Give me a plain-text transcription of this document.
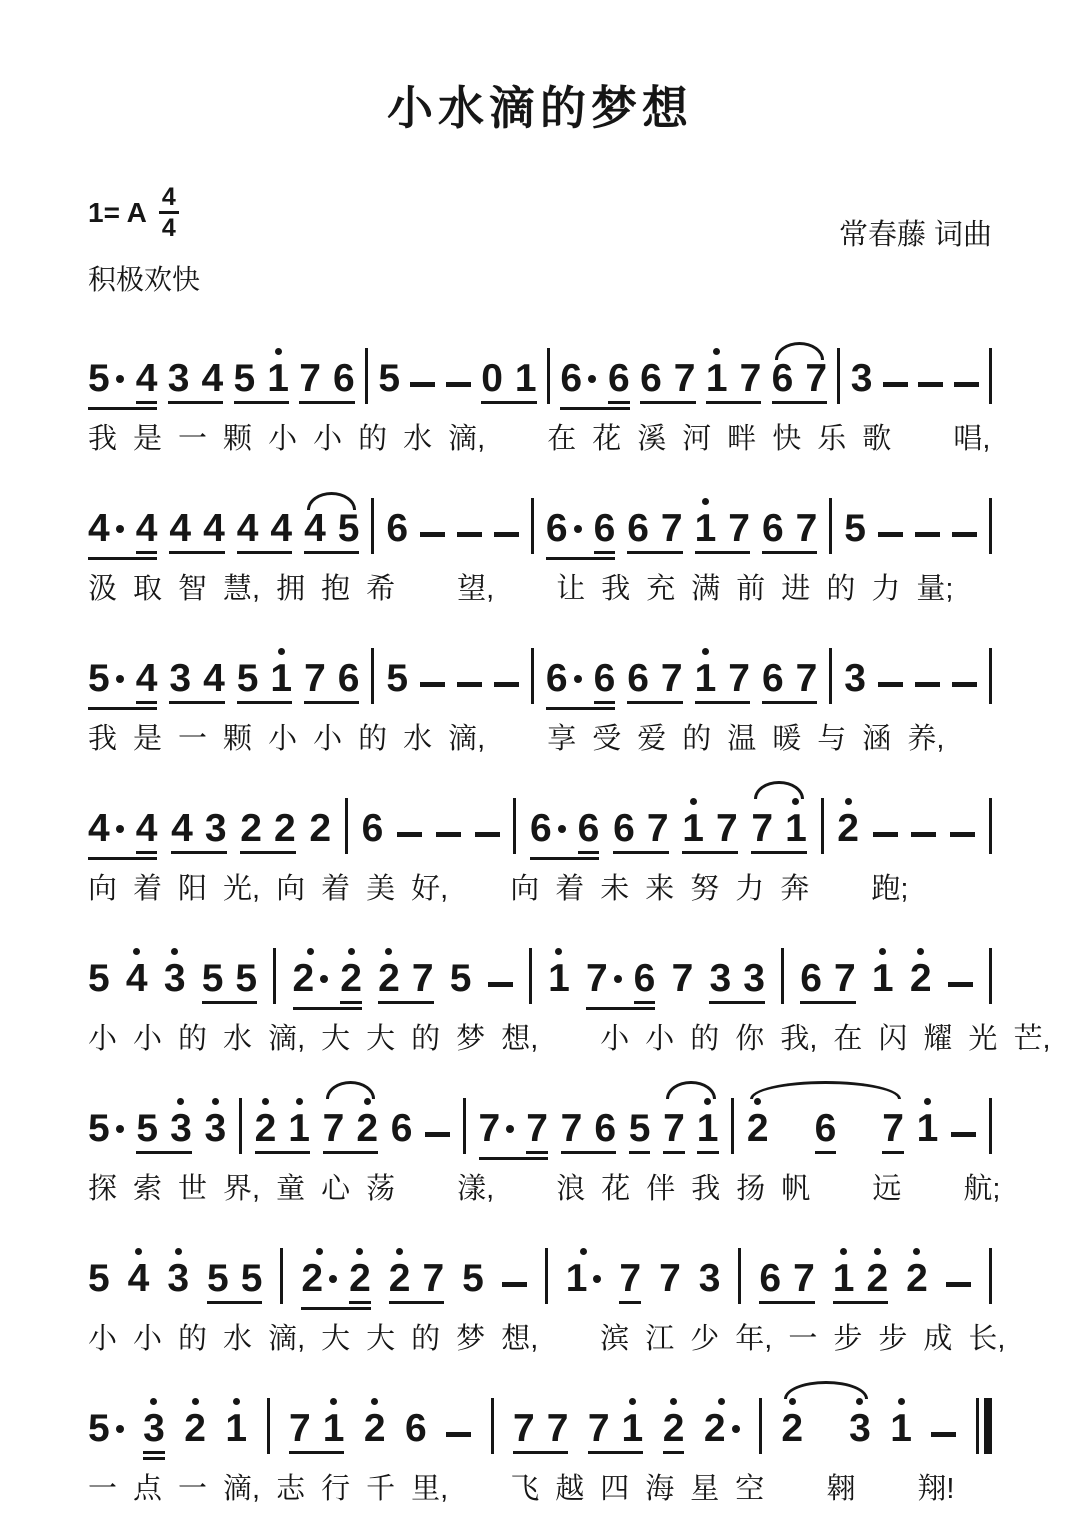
小水滴的梦想
1= A $\frac{4}{4}$
积极欢快
常春藤 词曲
5 4 3 4 5 1 7 6 5 0 1 6 6 6 7 1 7 6 7 3
我 是 一 颗 小 小 的 水 滴, 在 花 溪 河 畔 快 乐 歌 唱,
4 4 4 4 4 4 4 5 6	6 6 6 7 1 7 6 7 5
汲 取 智 慧, 拥 抱 希 望, 让 我 充 满 前 进 的 力 量;
5 4 3 4 5 1 7 6 5	6 6 6 7 1 7 6 7 3
我 是 一 颗 小 小 的 水 滴, 享 受 爱 的 温 暖 与 涵 养,
4 4 4 3 2 2 2 6	6 6 6 7 1 7 7 1 2
向 着 阳 光, 向 着 美 好, 向 着 未 来 努 力 奔 跑;
5 4 3 5 5 2 2 2 7 5 1 7 6 7 3 3 6 7 1 2
小 小 的 水 滴, 大 大 的 梦 想, 小 小 的 你 我, 在 闪 耀 光 芒,
5 5 3 3 2 1 7 2 6 7 7 7 6 5 7 1 2 6 7 1
探 索 世 界, 童 心 荡 漾, 浪 花 伴 我 扬 帆 远 航;
5 4 3 5 5 2 2 2 7 5 1 7 7 3 6 7 1 2 2
小 小 的 水 滴, 大 大 的 梦 想, 滨 江 少 年, 一 步 步 成 长,
5 3 2 1 7 1 2 6 7 7 7 1 2 2 2 3 1
一 点 一 滴, 志 行 千 里, 飞 越 四 海 星 空 翱 翔!
